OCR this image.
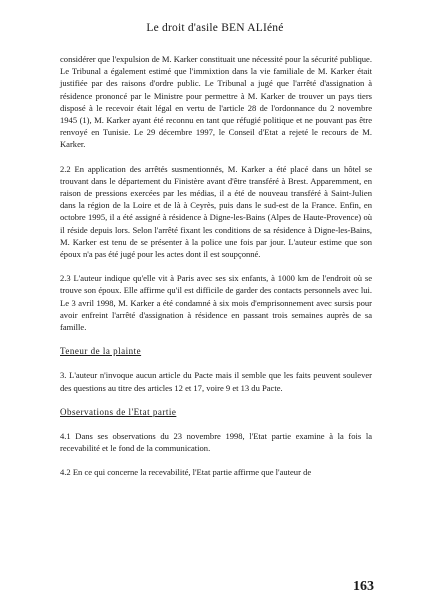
Le droit d'asile BEN ALIéné

considérer que l'expulsion de M. Karker constituait une nécessité pour la sécurité publique. Le Tribunal a également estimé que l'immixtion dans la vie familiale de M. Karker était justifiée par des raisons d'ordre public. Le Tribunal a jugé que l'arrêté d'assignation à résidence prononcé par le Ministre pour permettre à M. Karker de trouver un pays tiers disposé à le recevoir était légal en vertu de l'article 28 de l'ordonnance du 2 novembre 1945 (1), M. Karker ayant été reconnu en tant que réfugié politique et ne pouvant pas être renvoyé en Tunisie. Le 29 décembre 1997, le Conseil d'Etat a rejeté le recours de M. Karker.

2.2 En application des arrêtés susmentionnés, M. Karker a été placé dans un hôtel se trouvant dans le département du Finistère avant d'être transféré à Brest. Apparemment, en raison de pressions exercées par les médias, il a été de nouveau transféré à Saint-Julien dans la région de la Loire et de là à Ceyrès, puis dans le sud-est de la France. Enfin, en octobre 1995, il a été assigné à résidence à Digne-les-Bains (Alpes de Haute-Provence) où il réside depuis lors. Selon l'arrêté fixant les conditions de sa résidence à Digne-les-Bains, M. Karker est tenu de se présenter à la police une fois par jour. L'auteur estime que son époux n'a pas été jugé pour les actes dont il est soupçonné.

2.3 L'auteur indique qu'elle vit à Paris avec ses six enfants, à 1000 km de l'endroit où se trouve son époux. Elle affirme qu'il est difficile de garder des contacts personnels avec lui. Le 3 avril 1998, M. Karker a été condamné à six mois d'emprisonnement avec sursis pour avoir enfreint l'arrêté d'assignation à résidence en passant trois semaines auprès de sa famille.

Teneur de la plainte

3. L'auteur n'invoque aucun article du Pacte mais il semble que les faits peuvent soulever des questions au titre des articles 12 et 17, voire 9 et 13 du Pacte.

Observations de l'Etat partie

4.1 Dans ses observations du 23 novembre 1998, l'Etat partie examine à la fois la recevabilité et le fond de la communication.

4.2 En ce qui concerne la recevabilité, l'Etat partie affirme que l'auteur de

163
